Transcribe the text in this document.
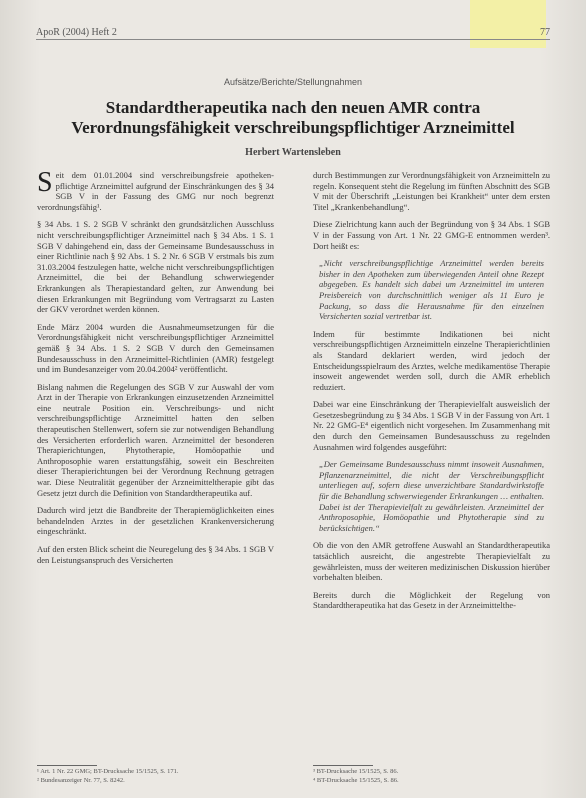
ApoR (2004) Heft 2	77
Aufsätze/Berichte/Stellungnahmen
Standardtherapeutika nach den neuen AMR contra
Verordnungsfähigkeit verschreibungspflichtiger Arzneimittel
Herbert Wartensleben

Seit dem 01.01.2004 sind verschreibungsfreie apothekenpflichtige Arzneimittel aufgrund der Einschränkungen des § 34 SGB V in der Fassung des GMG nur noch begrenzt verordnungsfähig¹.

§ 34 Abs. 1 S. 2 SGB V schränkt den grundsätzlichen Ausschluss nicht verschreibungspflichtiger Arzneimittel nach § 34 Abs. 1 S. 1 SGB V dahingehend ein, dass der Gemeinsame Bundesausschuss in einer Richtlinie nach § 92 Abs. 1 S. 2 Nr. 6 SGB V erstmals bis zum 31.03.2004 festzulegen hatte, welche nicht verschreibungspflichtigen Arzneimittel, die bei der Behandlung schwerwiegender Erkrankungen als Therapiestandard gelten, zur Anwendung bei diesen Erkrankungen mit Begründung vom Vertragsarzt zu Lasten der GKV verordnet werden können.

Ende März 2004 wurden die Ausnahmeumsetzungen für die Verordnungsfähigkeit nicht verschreibungspflichtiger Arzneimittel gemäß § 34 Abs. 1 S. 2 SGB V durch den Gemeinsamen Bundesausschuss in den Arzneimittel-Richtlinien (AMR) festgelegt und im Bundesanzeiger vom 20.04.2004² veröffentlicht.

Bislang nahmen die Regelungen des SGB V zur Auswahl der vom Arzt in der Therapie von Erkrankungen einzusetzenden Arzneimittel eine neutrale Position ein. Verschreibungs- und nicht verschreibungspflichtige Arzneimittel hatten den selben therapeutischen Stellenwert, sofern sie zur notwendigen Behandlung des Versicherten erforderlich waren. Arzneimittel der besonderen Therapierichtungen, Phytotherapie, Homöopathie und Anthroposophie waren erstattungsfähig, soweit ein Beschreiten dieser Therapierichtungen bei der Verordnung Rechnung getragen war. Diese Neutralität gegenüber der Arzneimitteltherapie gibt das Gesetz jetzt durch die Definition von Standardtherapeutika auf.

Dadurch wird jetzt die Bandbreite der Therapiemöglichkeiten eines behandelnden Arztes in der gesetzlichen Krankenversicherung eingeschränkt.

Auf den ersten Blick scheint die Neuregelung des § 34 Abs. 1 SGB V den Leistungsanspruch des Versicherten

durch Bestimmungen zur Verordnungsfähigkeit von Arzneimitteln zu regeln. Konsequent steht die Regelung im fünften Abschnitt des SGB V mit der Überschrift „Leistungen bei Krankheit“ unter dem ersten Titel „Krankenbehandlung“.

Diese Zielrichtung kann auch der Begründung von § 34 Abs. 1 SGB V in der Fassung von Art. 1 Nr. 22 GMG-E entnommen werden³. Dort heißt es:

„Nicht verschreibungspflichtige Arzneimittel werden bereits bisher in den Apotheken zum überwiegenden Anteil ohne Rezept abgegeben. Es handelt sich dabei um Arzneimittel im unteren Preisbereich von durchschnittlich weniger als 11 Euro je Packung, so dass die Herausnahme für den einzelnen Versicherten sozial vertretbar ist.

Indem für bestimmte Indikationen bei nicht verschreibungspflichtigen Arzneimitteln einzelne Therapierichtlinien als Standard deklariert werden, wird jedoch der Entscheidungsspielraum des Arztes, welche medikamentöse Therapie insoweit angewendet werden soll, durch die AMR erheblich reduziert.

Dabei war eine Einschränkung der Therapievielfalt ausweislich der Gesetzesbegründung zu § 34 Abs. 1 SGB V in der Fassung von Art. 1 Nr. 22 GMG-E⁴ eigentlich nicht vorgesehen. Im Zusammenhang mit den durch den Gemeinsamen Bundesausschuss zu regelnden Ausnahmen wird folgendes ausgeführt:

„Der Gemeinsame Bundesausschuss nimmt insoweit Ausnahmen, Pflanzenarzneimittel, die nicht der Verschreibungspflicht unterliegen auf, sofern diese unverzichtbare Standardwirkstoffe für die Behandlung schwerwiegender Erkrankungen … enthalten. Dabei ist der Therapievielfalt zu gewährleisten. Arzneimittel der Anthroposophie, Homöopathie und Phytotherapie sind zu berücksichtigen.“

Ob die von den AMR getroffene Auswahl an Standardtherapeutika tatsächlich ausreicht, die angestrebte Therapievielfalt zu gewährleisten, muss der weiteren medizinischen Diskussion hierüber vorbehalten bleiben.

Bereits durch die Möglichkeit der Regelung von Standardtherapeutika hat das Gesetz in der Arzneimittelthe-

¹ Art. 1 Nr. 22 GMG; BT-Drucksache 15/1525, S. 171.
² Bundesanzeiger Nr. 77, S. 8242.
³ BT-Drucksache 15/1525, S. 86.
⁴ BT-Drucksache 15/1525, S. 86.
